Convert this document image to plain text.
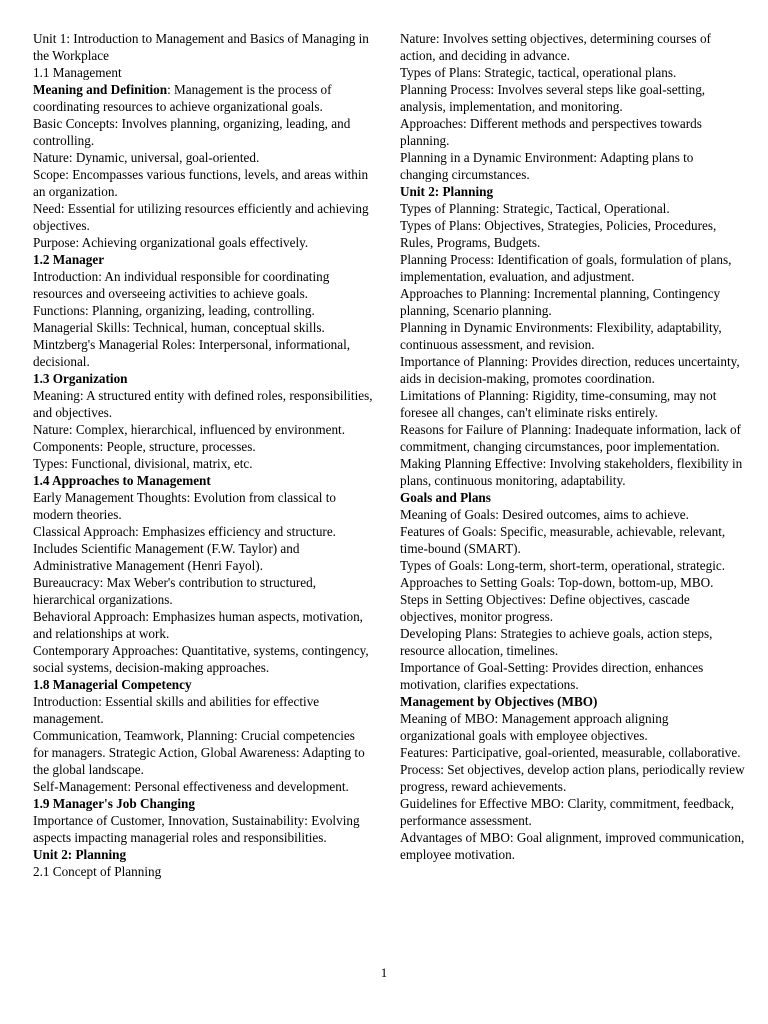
Unit 1: Introduction to Management and Basics of Managing in the Workplace

1.1 Management

Meaning and Definition: Management is the process of coordinating resources to achieve organizational goals.

Basic Concepts: Involves planning, organizing, leading, and controlling.

Nature: Dynamic, universal, goal-oriented.

Scope: Encompasses various functions, levels, and areas within an organization.

Need: Essential for utilizing resources efficiently and achieving objectives.

Purpose: Achieving organizational goals effectively.

1.2 Manager

Introduction: An individual responsible for coordinating resources and overseeing activities to achieve goals.

Functions: Planning, organizing, leading, controlling.

Managerial Skills: Technical, human, conceptual skills.

Mintzberg's Managerial Roles: Interpersonal, informational, decisional.

1.3 Organization

Meaning: A structured entity with defined roles, responsibilities, and objectives.

Nature: Complex, hierarchical, influenced by environment.

Components: People, structure, processes.

Types: Functional, divisional, matrix, etc.

1.4 Approaches to Management

Early Management Thoughts: Evolution from classical to modern theories.

Classical Approach: Emphasizes efficiency and structure. Includes Scientific Management (F.W. Taylor) and Administrative Management (Henri Fayol).

Bureaucracy: Max Weber's contribution to structured, hierarchical organizations.

Behavioral Approach: Emphasizes human aspects, motivation, and relationships at work.

Contemporary Approaches: Quantitative, systems, contingency, social systems, decision-making approaches.

1.8 Managerial Competency

Introduction: Essential skills and abilities for effective management.

Communication, Teamwork, Planning: Crucial competencies for managers. Strategic Action, Global Awareness: Adapting to the global landscape.

Self-Management: Personal effectiveness and development.

1.9 Manager's Job Changing

Importance of Customer, Innovation, Sustainability: Evolving aspects impacting managerial roles and responsibilities.

Unit 2: Planning

2.1 Concept of Planning

Nature: Involves setting objectives, determining courses of action, and deciding in advance.

Types of Plans: Strategic, tactical, operational plans.

Planning Process: Involves several steps like goal-setting, analysis, implementation, and monitoring.

Approaches: Different methods and perspectives towards planning.

Planning in a Dynamic Environment: Adapting plans to changing circumstances.

Unit 2: Planning

Types of Planning: Strategic, Tactical, Operational.

Types of Plans: Objectives, Strategies, Policies, Procedures, Rules, Programs, Budgets.

Planning Process: Identification of goals, formulation of plans, implementation, evaluation, and adjustment.

Approaches to Planning: Incremental planning, Contingency planning, Scenario planning.

Planning in Dynamic Environments: Flexibility, adaptability, continuous assessment, and revision.

Importance of Planning: Provides direction, reduces uncertainty, aids in decision-making, promotes coordination.

Limitations of Planning: Rigidity, time-consuming, may not foresee all changes, can't eliminate risks entirely.

Reasons for Failure of Planning: Inadequate information, lack of commitment, changing circumstances, poor implementation.

Making Planning Effective: Involving stakeholders, flexibility in plans, continuous monitoring, adaptability.

Goals and Plans

Meaning of Goals: Desired outcomes, aims to achieve.

Features of Goals: Specific, measurable, achievable, relevant, time-bound (SMART).

Types of Goals: Long-term, short-term, operational, strategic.

Approaches to Setting Goals: Top-down, bottom-up, MBO.

Steps in Setting Objectives: Define objectives, cascade objectives, monitor progress.

Developing Plans: Strategies to achieve goals, action steps, resource allocation, timelines.

Importance of Goal-Setting: Provides direction, enhances motivation, clarifies expectations.

Management by Objectives (MBO)

Meaning of MBO: Management approach aligning organizational goals with employee objectives.

Features: Participative, goal-oriented, measurable, collaborative.

Process: Set objectives, develop action plans, periodically review progress, reward achievements.

Guidelines for Effective MBO: Clarity, commitment, feedback, performance assessment.

Advantages of MBO: Goal alignment, improved communication, employee motivation.

1
